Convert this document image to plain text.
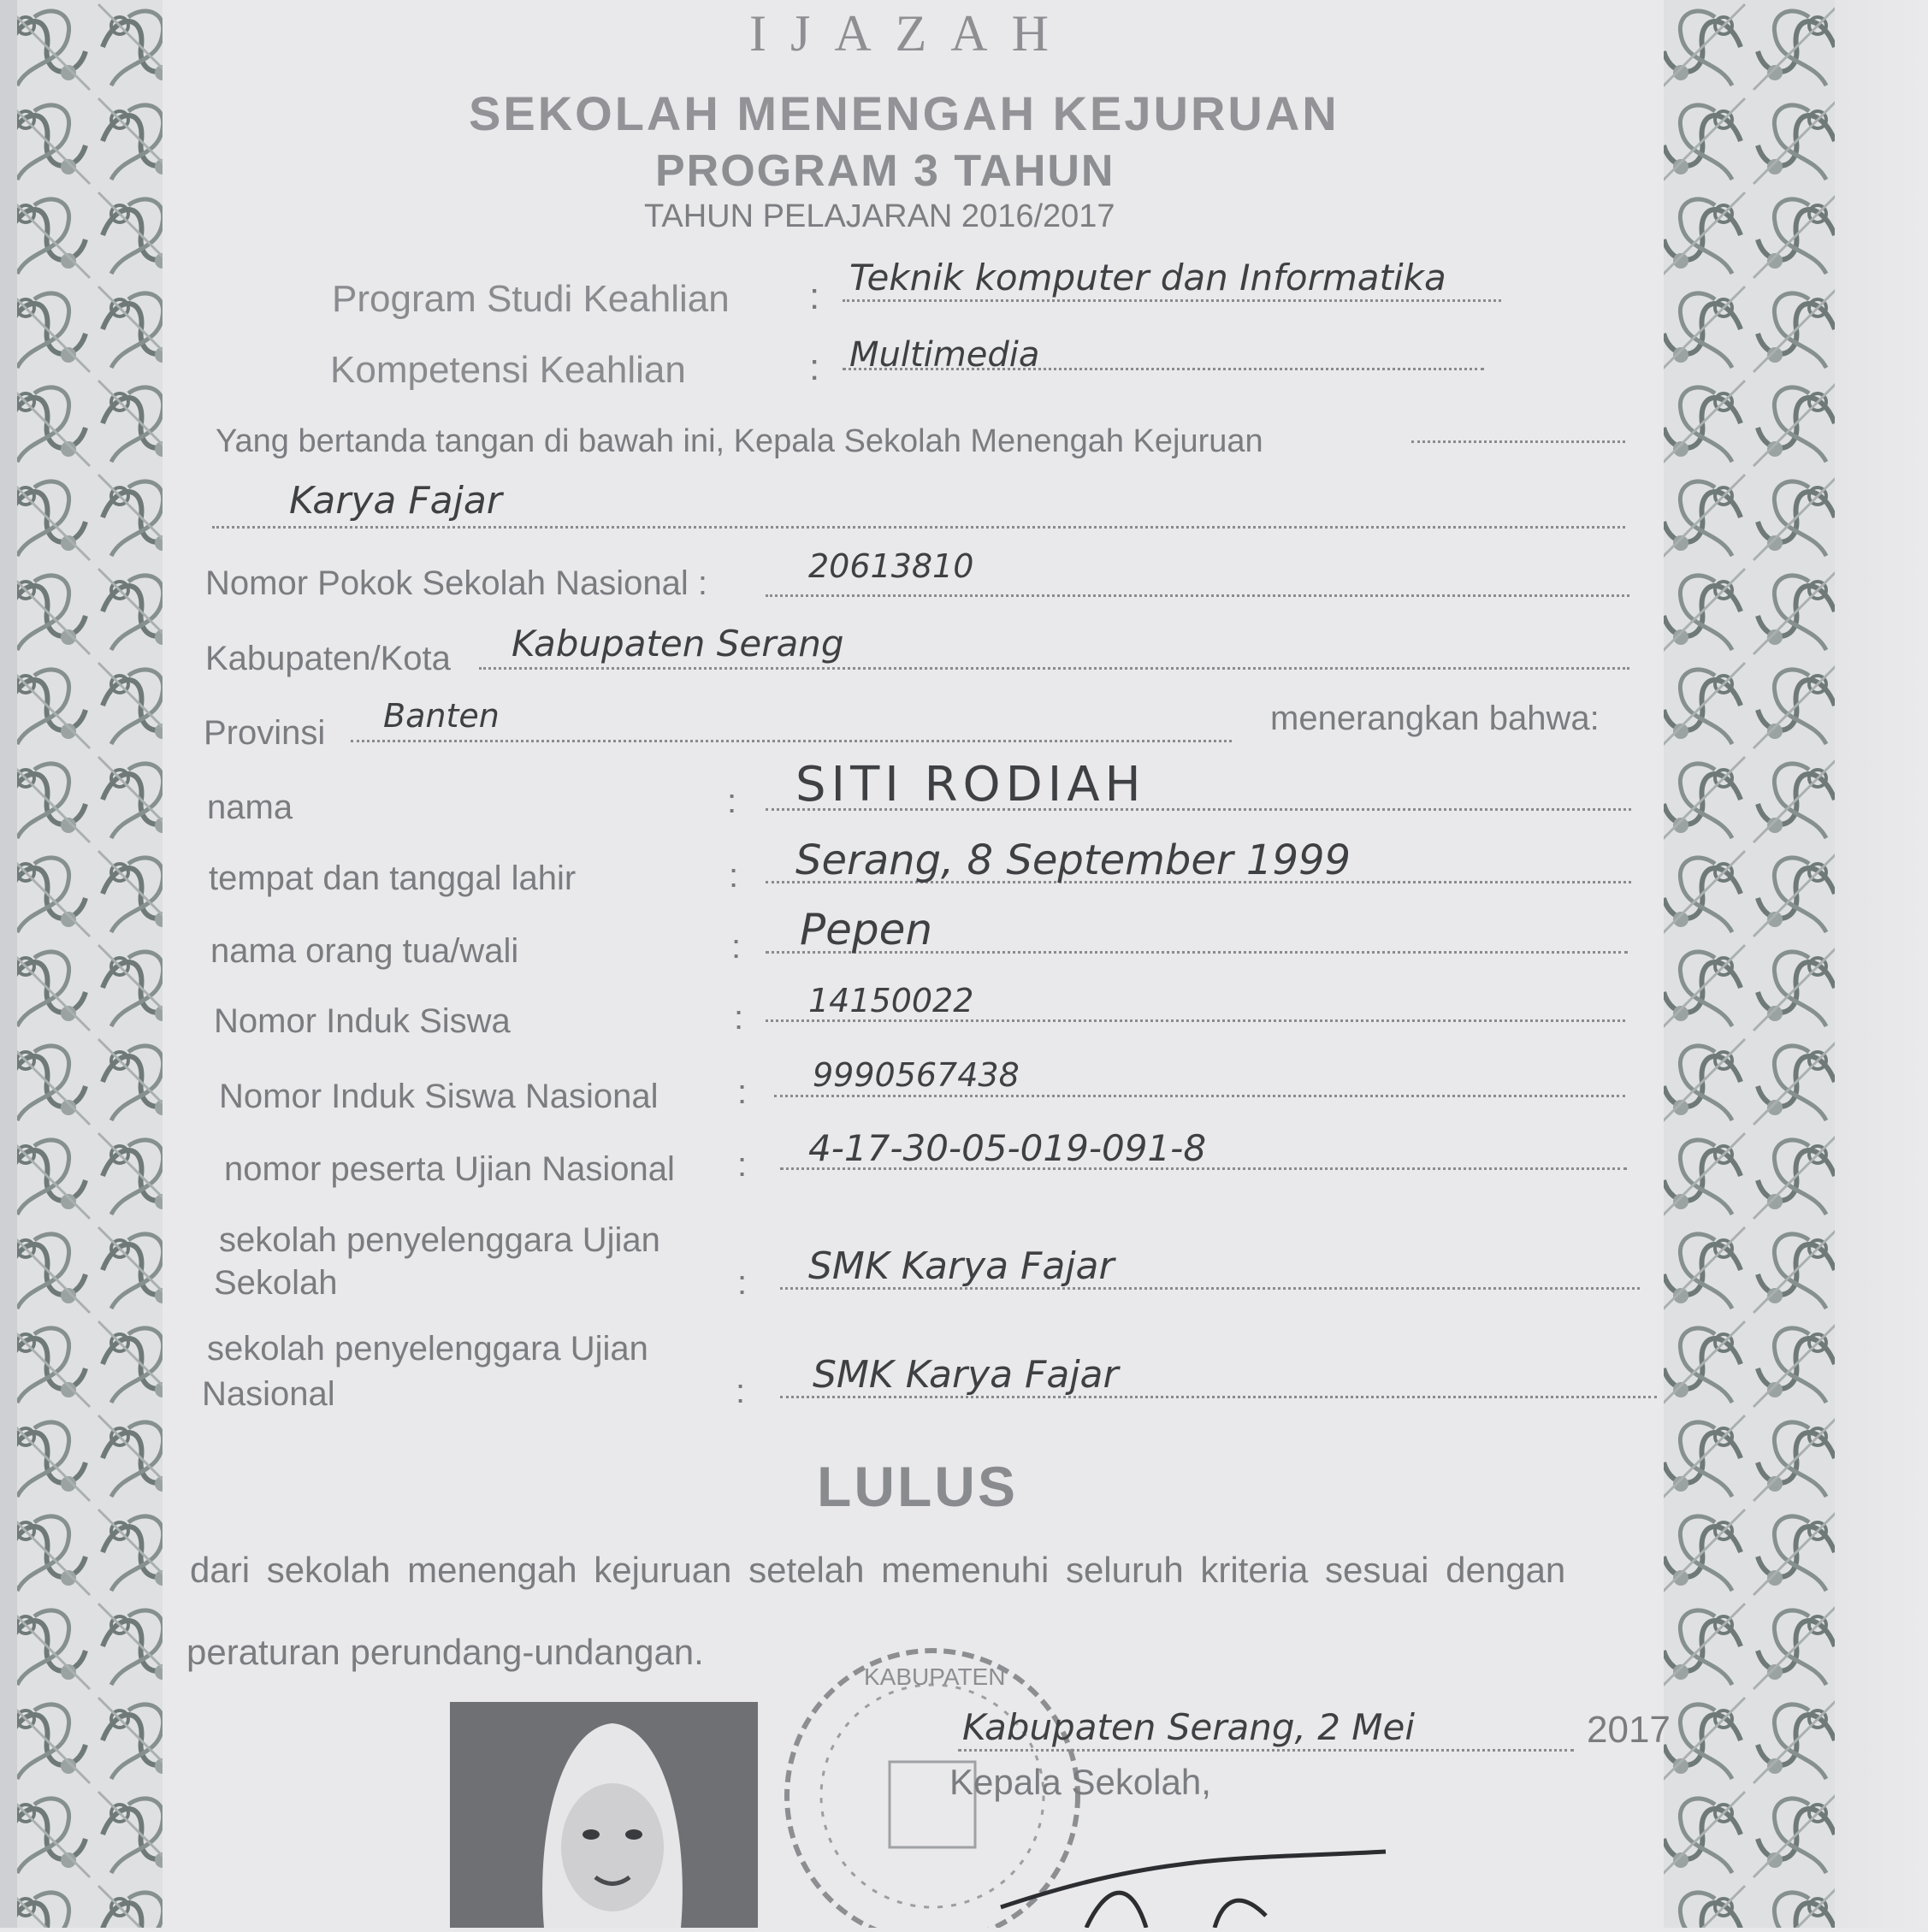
IJAZAH
SEKOLAH MENENGAH KEJURUAN
PROGRAM 3 TAHUN
TAHUN PELAJARAN 2016/2017
Program Studi Keahlian : Teknik komputer dan Informatika
Kompetensi Keahlian	: Multimedia
Yang bertanda tangan di bawah ini, Kepala Sekolah Menengah Kejuruan
Karya Fajar
Nomor Pokok Sekolah Nasional :	20613810
Kabupaten/Kota Kabupaten Serang
Provinsi Banten	menerangkan bahwa:
nama	: SITI RODIAH
tempat dan tanggal lahir	: Serang, 8 September 1999
nama orang tua/wali	: Pepen
Nomor Induk Siswa	: 14150022
Nomor Induk Siswa Nasional : 9990567438
nomor peserta Ujian Nasional : 4-17-30-05-019-091-8
sekolah penyelenggara Ujian
Sekolah	: SMK Karya Fajar
sekolah penyelenggara Ujian
Nasional	: SMK Karya Fajar
LULUS
dari sekolah menengah kejuruan setelah memenuhi seluruh kriteria sesuai dengan
peraturan perundang-undangan.
KABUPATEN
Kabupaten Serang, 2 Mei	2017
Kepala Sekolah,
